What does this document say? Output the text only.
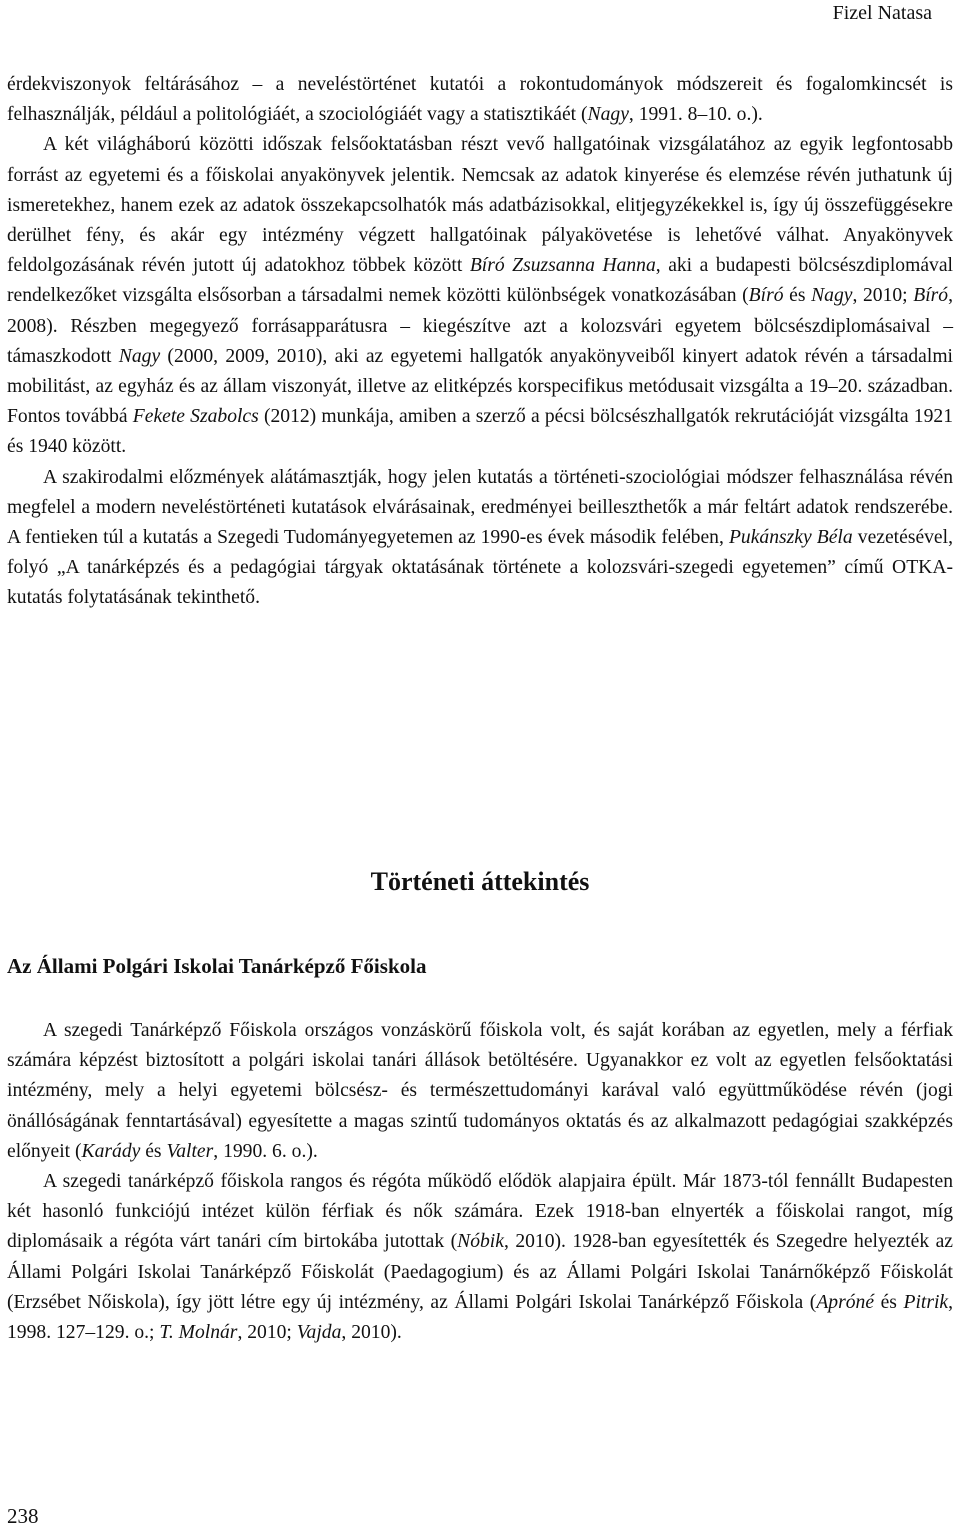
Fizel Natasa

érdekviszonyok feltárásához – a neveléstörténet kutatói a rokontudományok módszereit és fogalomkincsét is felhasználják, például a politológiáét, a szociológiáét vagy a statisztikáét (Nagy, 1991. 8–10. o.).

A két világháború közötti időszak felsőoktatásban részt vevő hallgatóinak vizsgálatához az egyik legfontosabb forrást az egyetemi és a főiskolai anyakönyvek jelentik. Nemcsak az adatok kinyerése és elemzése révén juthatunk új ismeretekhez, hanem ezek az adatok összekapcsolhatók más adatbázisokkal, elitjegyzékekkel is, így új összefüggésekre derülhet fény, és akár egy intézmény végzett hallgatóinak pályakövetése is lehetővé válhat. Anyakönyvek feldolgozásának révén jutott új adatokhoz többek között Bíró Zsuzsanna Hanna, aki a budapesti bölcsészdiplomával rendelkezőket vizsgálta elsősorban a társadalmi nemek közötti különbségek vonatkozásában (Bíró és Nagy, 2010; Bíró, 2008). Részben megegyező forrásapparátusra – kiegészítve azt a kolozsvári egyetem bölcsészdiplomásaival – támaszkodott Nagy (2000, 2009, 2010), aki az egyetemi hallgatók anyakönyveiből kinyert adatok révén a társadalmi mobilitást, az egyház és az állam viszonyát, illetve az elitképzés korspecifikus metódusait vizsgálta a 19–20. században. Fontos továbbá Fekete Szabolcs (2012) munkája, amiben a szerző a pécsi bölcsészhallgatók rekrutációját vizsgálta 1921 és 1940 között.

A szakirodalmi előzmények alátámasztják, hogy jelen kutatás a történeti-szociológiai módszer felhasználása révén megfelel a modern neveléstörténeti kutatások elvárásainak, eredményei beilleszthetők a már feltárt adatok rendszerébe. A fentieken túl a kutatás a Szegedi Tudományegyetemen az 1990-es évek második felében, Pukánszky Béla vezetésével, folyó „A tanárképzés és a pedagógiai tárgyak oktatásának története a kolozsvári-szegedi egyetemen” című OTKA-kutatás folytatásának tekinthető.

Történeti áttekintés
Az Állami Polgári Iskolai Tanárképző Főiskola

A szegedi Tanárképző Főiskola országos vonzáskörű főiskola volt, és saját korában az egyetlen, mely a férfiak számára képzést biztosított a polgári iskolai tanári állások betöltésére. Ugyanakkor ez volt az egyetlen felsőoktatási intézmény, mely a helyi egyetemi bölcsész- és természettudományi karával való együttműködése révén (jogi önállóságának fenntartásával) egyesítette a magas szintű tudományos oktatás és az alkalmazott pedagógiai szakképzés előnyeit (Karády és Valter, 1990. 6. o.).

A szegedi tanárképző főiskola rangos és régóta működő elődök alapjaira épült. Már 1873-tól fennállt Budapesten két hasonló funkciójú intézet külön férfiak és nők számára. Ezek 1918-ban elnyerték a főiskolai rangot, míg diplomásaik a régóta várt tanári cím birtokába jutottak (Nóbik, 2010). 1928-ban egyesítették és Szegedre helyezték az Állami Polgári Iskolai Tanárképző Főiskolát (Paedagogium) és az Állami Polgári Iskolai Tanárnőképző Főiskolát (Erzsébet Nőiskola), így jött létre egy új intézmény, az Állami Polgári Iskolai Tanárképző Főiskola (Apróné és Pitrik, 1998. 127–129. o.; T. Molnár, 2010; Vajda, 2010).

238
